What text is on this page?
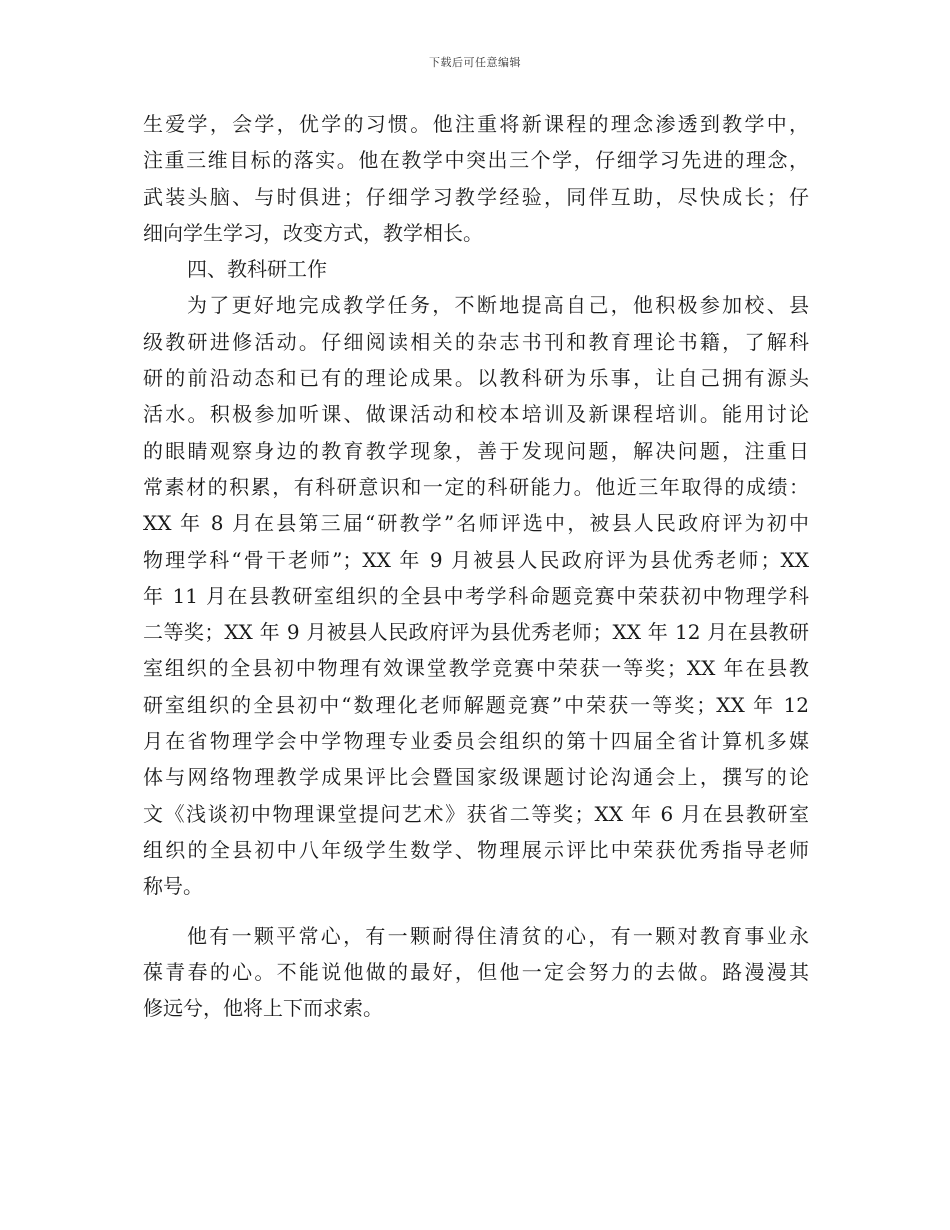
下载后可任意编辑
生爱学，会学，优学的习惯。他注重将新课程的理念渗透到教学中，
注重三维目标的落实。他在教学中突出三个学，仔细学习先进的理念，
武装头脑、与时俱进；仔细学习教学经验，同伴互助，尽快成长；仔
细向学生学习，改变方式，教学相长。
四、教科研工作
为了更好地完成教学任务，不断地提高自己，他积极参加校、县
级教研进修活动。仔细阅读相关的杂志书刊和教育理论书籍，了解科
研的前沿动态和已有的理论成果。以教科研为乐事，让自己拥有源头
活水。积极参加听课、做课活动和校本培训及新课程培训。能用讨论
的眼睛观察身边的教育教学现象，善于发现问题，解决问题，注重日
常素材的积累，有科研意识和一定的科研能力。他近三年取得的成绩：
XX 年 8 月在县第三届“研教学”名师评选中，被县人民政府评为初中
物理学科“骨干老师”；XX 年 9 月被县人民政府评为县优秀老师；XX
年 11 月在县教研室组织的全县中考学科命题竞赛中荣获初中物理学科
二等奖；XX 年 9 月被县人民政府评为县优秀老师；XX 年 12 月在县教研
室组织的全县初中物理有效课堂教学竞赛中荣获一等奖；XX 年在县教
研室组织的全县初中“数理化老师解题竞赛”中荣获一等奖；XX 年 12
月在省物理学会中学物理专业委员会组织的第十四届全省计算机多媒
体与网络物理教学成果评比会暨国家级课题讨论沟通会上，撰写的论
文《浅谈初中物理课堂提问艺术》获省二等奖；XX 年 6 月在县教研室
组织的全县初中八年级学生数学、物理展示评比中荣获优秀指导老师
称号。
他有一颗平常心，有一颗耐得住清贫的心，有一颗对教育事业永
葆青春的心。不能说他做的最好，但他一定会努力的去做。路漫漫其
修远兮，他将上下而求索。
